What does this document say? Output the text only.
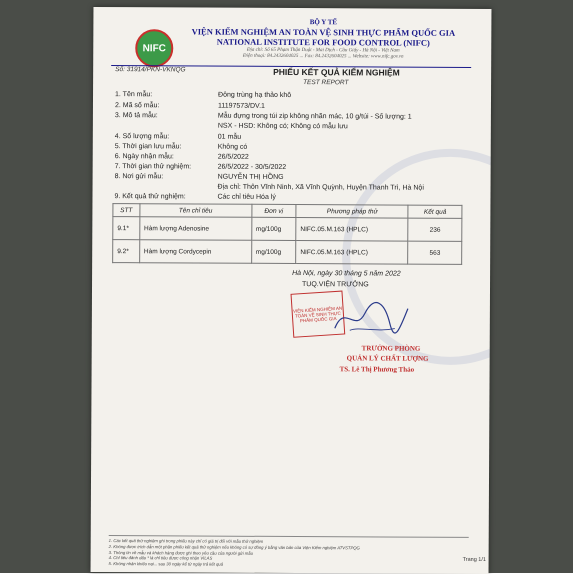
NIFC
BỘ Y TẾ
VIỆN KIỂM NGHIỆM AN TOÀN VỆ SINH THỰC PHẨM QUỐC GIA
NATIONAL INSTITUTE FOR FOOD CONTROL (NIFC)
Địa chỉ: Số 65 Phạm Thận Duật - Mai Dịch - Cầu Giấy - Hà Nội - Việt Nam
Điện thoại: 84.2432604025 ... Fax: 84.2432604025 ... Website: www.nifc.gov.vn
Số: 31914/PKN-VKNQG	PHIẾU KẾT QUẢ KIỂM NGHIỆM
TEST REPORT
1. Tên mẫu:	Đông trùng hạ thảo khô
2. Mã số mẫu:	11197573/DV.1
3. Mô tả mẫu:	Mẫu đựng trong túi zip không nhãn mác, 10 g/túi - Số lượng: 1
NSX - HSD: Không có; Không có mẫu lưu
4. Số lượng mẫu:	01 mẫu
5. Thời gian lưu mẫu:	Không có
6. Ngày nhận mẫu:	26/5/2022
7. Thời gian thử nghiệm:	26/5/2022 - 30/5/2022
8. Nơi gửi mẫu:	NGUYỄN THỊ HỒNG
Địa chỉ: Thôn Vĩnh Ninh, Xã Vĩnh Quỳnh, Huyện Thanh Trì, Hà Nội
9. Kết quả thử nghiệm:	Các chỉ tiêu Hóa lý
STT	Tên chỉ tiêu	Đơn vị	Phương pháp thử	Kết quả
9.1*	Hàm lượng Adenosine	mg/100g	NIFC.05.M.163 (HPLC)	236
9.2*	Hàm lượng Cordycepin	mg/100g	NIFC.05.M.163 (HPLC)	563
Hà Nội, ngày 30 tháng 5 năm 2022
TUQ.VIỆN TRƯỞNG
VIỆN KIỂM NGHIỆM AN TOÀN VỆ SINH THỰC PHẨM QUỐC GIA
TRƯỞNG PHÒNG
QUẢN LÝ CHẤT LƯỢNG
TS. Lê Thị Phương Thảo
1. Các kết quả thử nghiệm ghi trong phiếu này chỉ có giá trị đối với mẫu thử nghiệm
2. Không được trích dẫn một phần phiếu kết quả thử nghiệm nếu không có sự đồng ý bằng văn bản của Viện Kiểm nghiệm ATVSTPQG
3. Thông tin về mẫu và khách hàng được ghi theo yêu cầu của người gửi mẫu
4. Chỉ tiêu đánh dấu * là chỉ tiêu được công nhận VILAS
5. Không nhận khiếu nại... sau 30 ngày kể từ ngày trả kết quả
Trang 1/1
